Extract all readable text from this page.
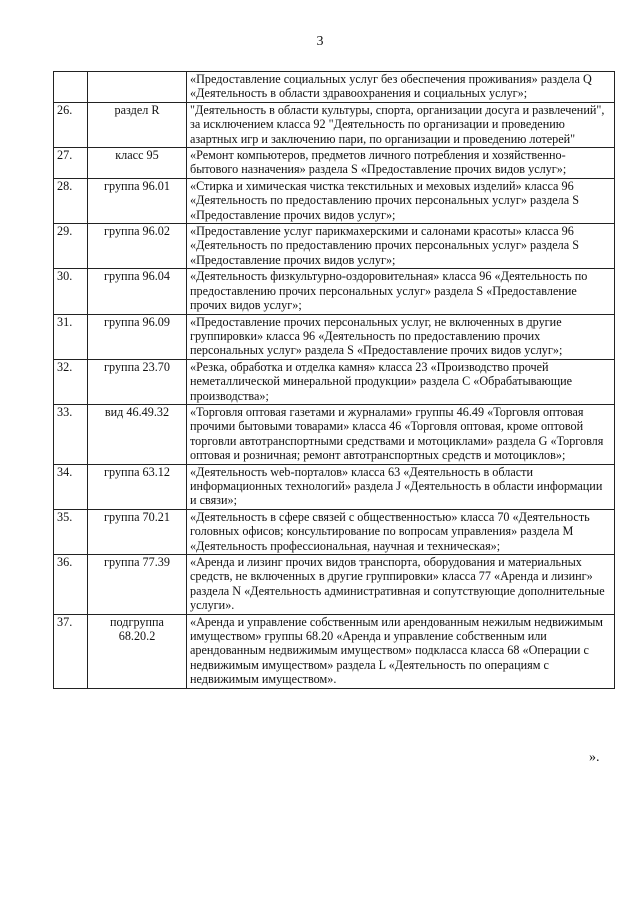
3
		«Предоставление социальных услуг без обеспечения проживания» раздела Q «Деятельность в области здравоохранения и социальных услуг»;
26.	раздел R	"Деятельность в области культуры, спорта, организации досуга и развлечений", за исключением класса 92 "Деятельность по организации и проведению азартных игр и заключению пари, по организации и проведению лотерей"
27.	класс 95	«Ремонт компьютеров, предметов личного потребления и хозяйственно-бытового назначения» раздела S «Предоставление прочих видов услуг»;
28.	группа 96.01	«Стирка и химическая чистка текстильных и меховых изделий» класса 96 «Деятельность по предоставлению прочих персональных услуг» раздела S «Предоставление прочих видов услуг»;
29.	группа 96.02	«Предоставление услуг парикмахерскими и салонами красоты» класса 96 «Деятельность по предоставлению прочих персональных услуг» раздела S «Предоставление прочих видов услуг»;
30.	группа 96.04	«Деятельность физкультурно-оздоровительная» класса 96 «Деятельность по предоставлению прочих персональных услуг» раздела S «Предоставление прочих видов услуг»;
31.	группа 96.09	«Предоставление прочих персональных услуг, не включенных в другие группировки» класса 96 «Деятельность по предоставлению прочих персональных услуг» раздела S «Предоставление прочих видов услуг»;
32.	группа 23.70	«Резка, обработка и отделка камня» класса 23 «Производство прочей неметаллической минеральной продукции» раздела С «Обрабатывающие производства»;
33.	вид 46.49.32	«Торговля оптовая газетами и журналами» группы 46.49 «Торговля оптовая прочими бытовыми товарами» класса 46 «Торговля оптовая, кроме оптовой торговли автотранспортными средствами и мотоциклами» раздела G «Торговля оптовая и розничная; ремонт автотранспортных средств и мотоциклов»;
34.	группа 63.12	«Деятельность web-порталов» класса 63 «Деятельность в области информационных технологий» раздела J «Деятельность в области информации и связи»;
35.	группа 70.21	«Деятельность в сфере связей с общественностью» класса 70 «Деятельность головных офисов; консультирование по вопросам управления» раздела M «Деятельность профессиональная, научная и техническая»;
36.	группа 77.39	«Аренда и лизинг прочих видов транспорта, оборудования и материальных средств, не включенных в другие группировки» класса 77 «Аренда и лизинг» раздела N «Деятельность административная и сопутствующие дополнительные услуги».
37.	подгруппа 68.20.2	«Аренда и управление собственным или арендованным нежилым недвижимым имуществом» группы 68.20 «Аренда и управление собственным или арендованным недвижимым имуществом» подкласса класса 68 «Операции с недвижимым имуществом» раздела L «Деятельность по операциям с недвижимым имуществом».
».
